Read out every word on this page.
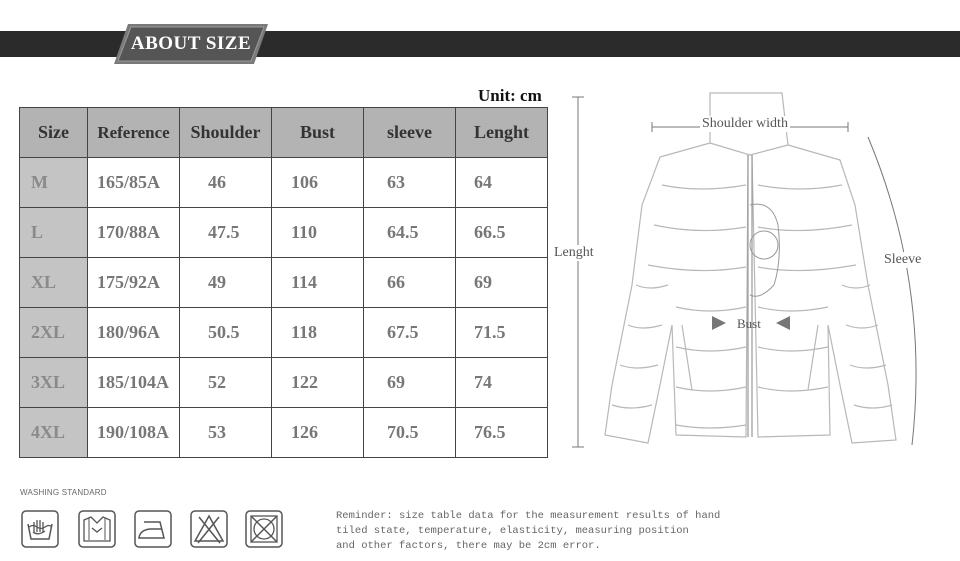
ABOUT SIZE
Unit: cm
Size	Reference	Shoulder	Bust	sleeve	Lenght
M	165/85A	46	106	63	64
L	170/88A	47.5	110	64.5	66.5
XL	175/92A	49	114	66	69
2XL	180/96A	50.5	118	67.5	71.5
3XL	185/104A	52	122	69	74
4XL	190/108A	53	126	70.5	76.5
Shoulder width
Lenght	Sleeve
Bust
WASHING STANDARD
Reminder: size table data for the measurement results of hand
tiled state, temperature, elasticity, measuring position
and other factors, there may be 2cm error.
